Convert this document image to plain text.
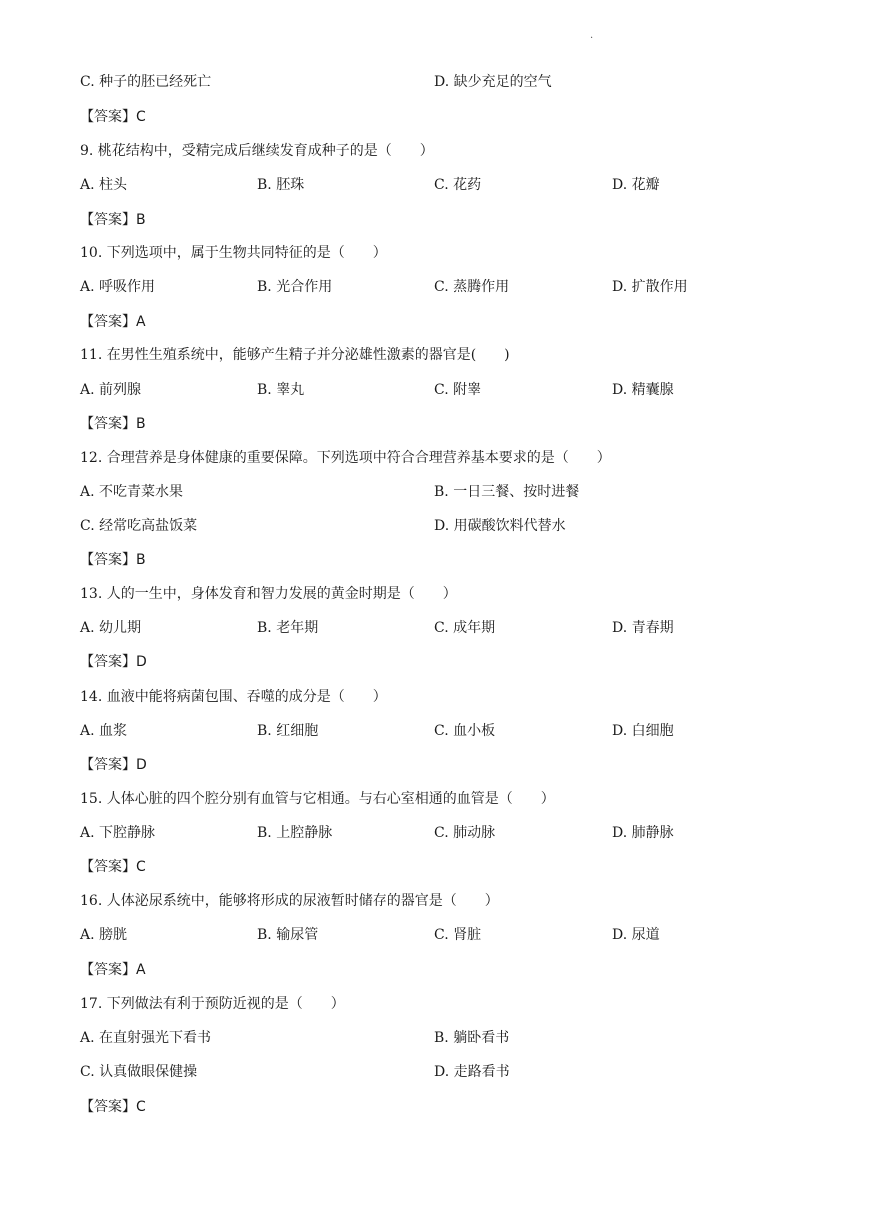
.
C. 种子的胚已经死亡	D. 缺少充足的空气
【答案】C
9. 桃花结构中，受精完成后继续发育成种子的是（　　）
A. 柱头	B. 胚珠	C. 花药	D. 花瓣
【答案】B
10. 下列选项中，属于生物共同特征的是（　　）
A. 呼吸作用	B. 光合作用	C. 蒸腾作用	D. 扩散作用
【答案】A
11. 在男性生殖系统中，能够产生精子并分泌雄性激素的器官是(　　)
A. 前列腺	B. 睾丸	C. 附睾	D. 精囊腺
【答案】B
12. 合理营养是身体健康的重要保障。下列选项中符合合理营养基本要求的是（　　）
A. 不吃青菜水果	B. 一日三餐、按时进餐
C. 经常吃高盐饭菜	D. 用碳酸饮料代替水
【答案】B
13. 人的一生中，身体发育和智力发展的黄金时期是（　　）
A. 幼儿期	B. 老年期	C. 成年期	D. 青春期
【答案】D
14. 血液中能将病菌包围、吞噬的成分是（　　）
A. 血浆	B. 红细胞	C. 血小板	D. 白细胞
【答案】D
15. 人体心脏的四个腔分别有血管与它相通。与右心室相通的血管是（　　）
A. 下腔静脉	B. 上腔静脉	C. 肺动脉	D. 肺静脉
【答案】C
16. 人体泌尿系统中，能够将形成的尿液暂时储存的器官是（　　）
A. 膀胱	B. 输尿管	C. 肾脏	D. 尿道
【答案】A
17. 下列做法有利于预防近视的是（　　）
A. 在直射强光下看书	B. 躺卧看书
C. 认真做眼保健操	D. 走路看书
【答案】C
